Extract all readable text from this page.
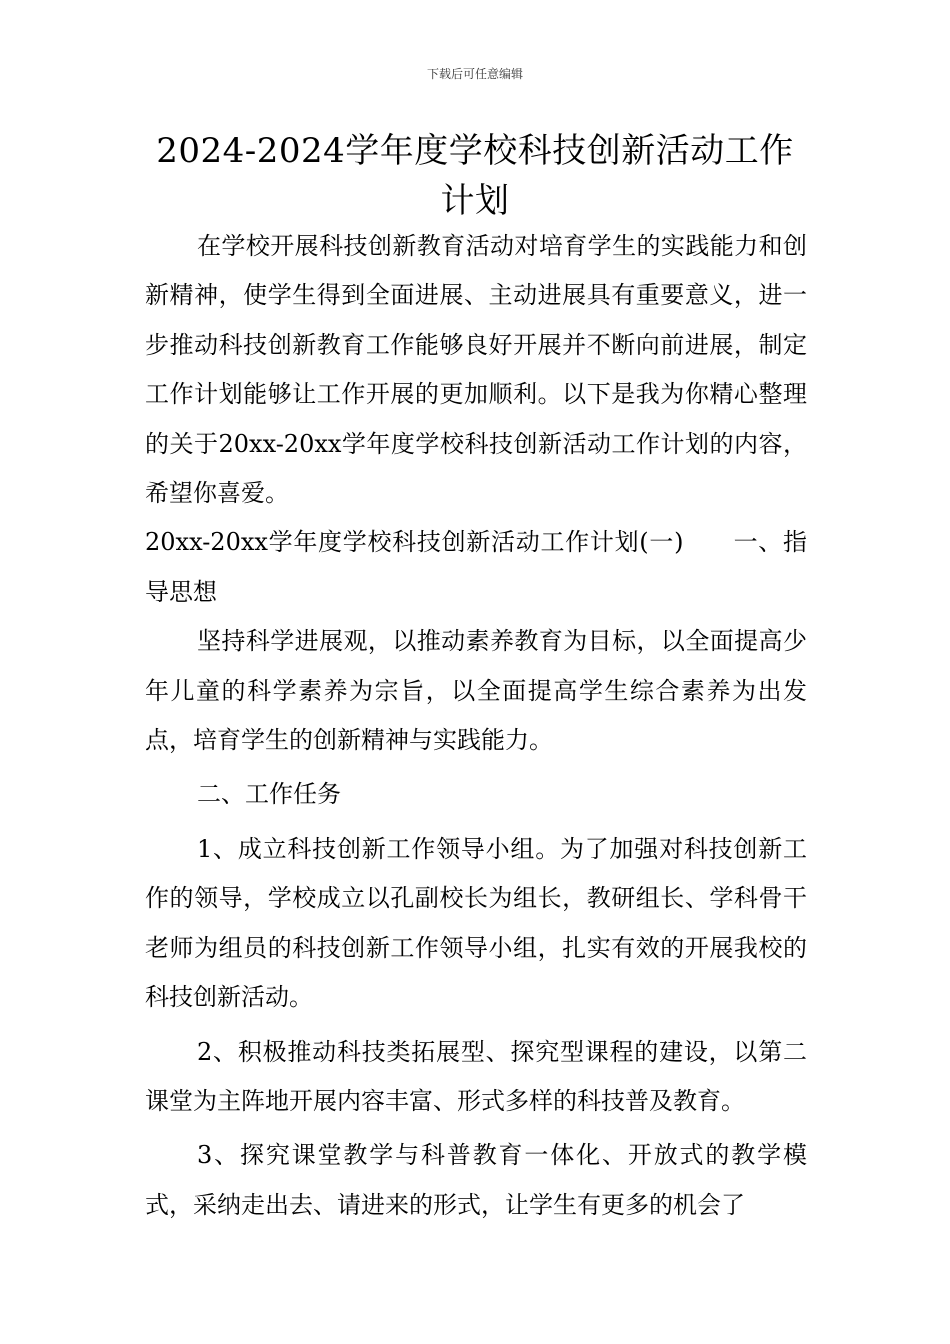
下载后可任意编辑
2024-2024学年度学校科技创新活动工作计划

在学校开展科技创新教育活动对培育学生的实践能力和创新精神，使学生得到全面进展、主动进展具有重要意义，进一步推动科技创新教育工作能够良好开展并不断向前进展，制定工作计划能够让工作开展的更加顺利。以下是我为你精心整理的关于20xx-20xx学年度学校科技创新活动工作计划的内容，希望你喜爱。

20xx-20xx学年度学校科技创新活动工作计划(一)　　一、指导思想

坚持科学进展观，以推动素养教育为目标，以全面提高少年儿童的科学素养为宗旨，以全面提高学生综合素养为出发点，培育学生的创新精神与实践能力。

二、工作任务

1、成立科技创新工作领导小组。为了加强对科技创新工作的领导，学校成立以孔副校长为组长，教研组长、学科骨干老师为组员的科技创新工作领导小组，扎实有效的开展我校的科技创新活动。

2、积极推动科技类拓展型、探究型课程的建设，以第二课堂为主阵地开展内容丰富、形式多样的科技普及教育。

3、探究课堂教学与科普教育一体化、开放式的教学模式，采纳走出去、请进来的形式，让学生有更多的机会了
